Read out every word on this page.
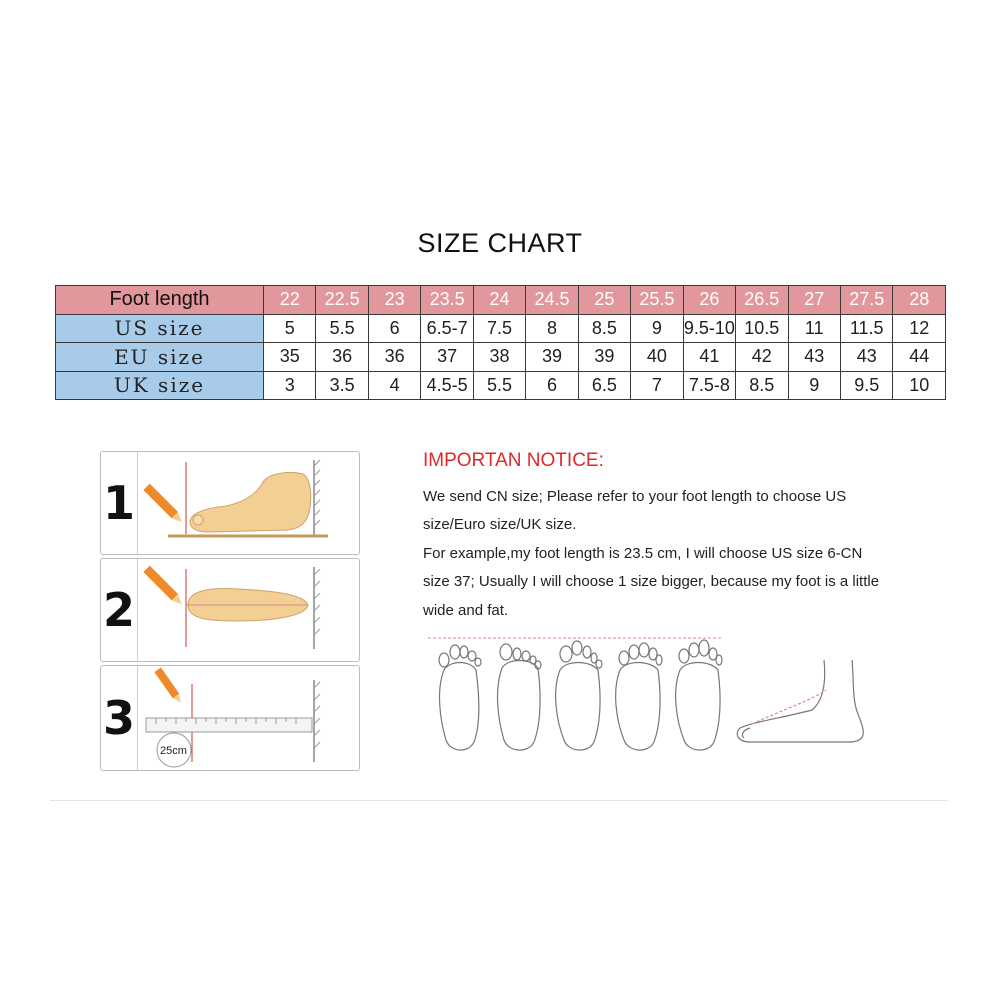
SIZE CHART
Foot length	22	22.5	23	23.5	24	24.5	25	25.5	26	26.5	27	27.5	28
US size	5	5.5	6	6.5-7	7.5	8	8.5	9	9.5-10	10.5	11	11.5	12
EU size	35	36	36	37	38	39	39	40	41	42	43	43	44
UK size	3	3.5	4	4.5-5	5.5	6	6.5	7	7.5-8	8.5	9	9.5	10
1
2
3
25cm
IMPORTAN NOTICE:
We send CN size; Please refer to your foot length to choose US
size/Euro size/UK size.
For example,my foot length is 23.5 cm, I will choose US size 6-CN
size 37; Usually I will choose 1 size bigger, because my foot is a little
wide and fat.
